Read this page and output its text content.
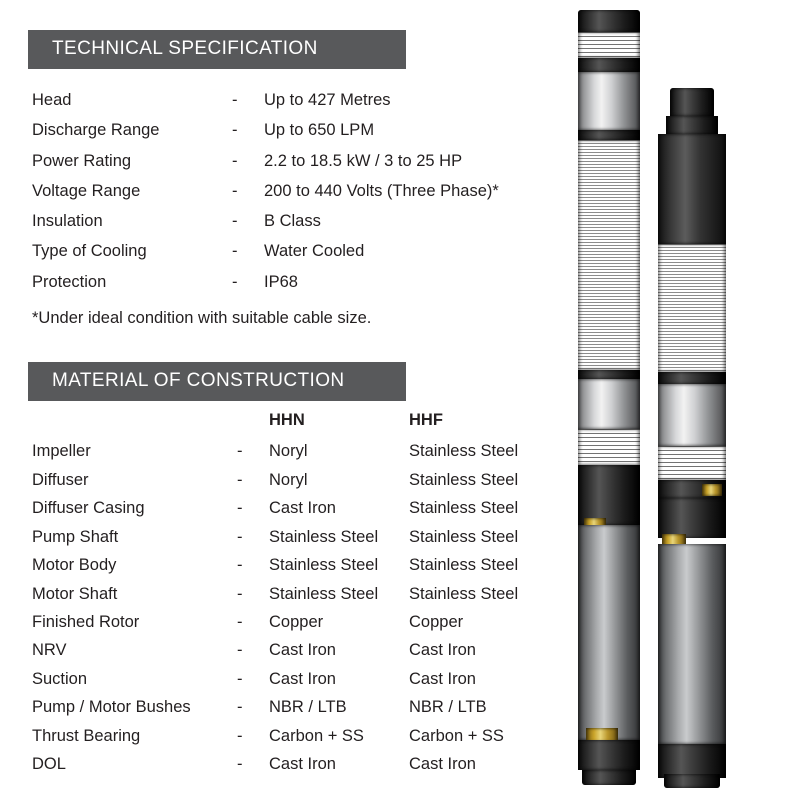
TECHNICAL SPECIFICATION
Head	-	Up to 427 Metres
Discharge Range	-	Up to 650 LPM
Power Rating	-	2.2 to 18.5 kW / 3 to 25 HP
Voltage Range	-	200 to 440 Volts (Three Phase)*
Insulation	-	B Class
Type of Cooling	-	Water Cooled
Protection	-	IP68
*Under ideal condition with suitable cable size.
MATERIAL OF CONSTRUCTION
		HHN	HHF
Impeller	-	Noryl	Stainless Steel
Diffuser	-	Noryl	Stainless Steel
Diffuser Casing	-	Cast Iron	Stainless Steel
Pump Shaft	-	Stainless Steel	Stainless Steel
Motor Body	-	Stainless Steel	Stainless Steel
Motor Shaft	-	Stainless Steel	Stainless Steel
Finished Rotor	-	Copper	Copper
NRV	-	Cast Iron	Cast Iron
Suction	-	Cast Iron	Cast Iron
Pump / Motor Bushes	-	NBR / LTB	NBR / LTB
Thrust Bearing	-	Carbon + SS	Carbon + SS
DOL	-	Cast Iron	Cast Iron
